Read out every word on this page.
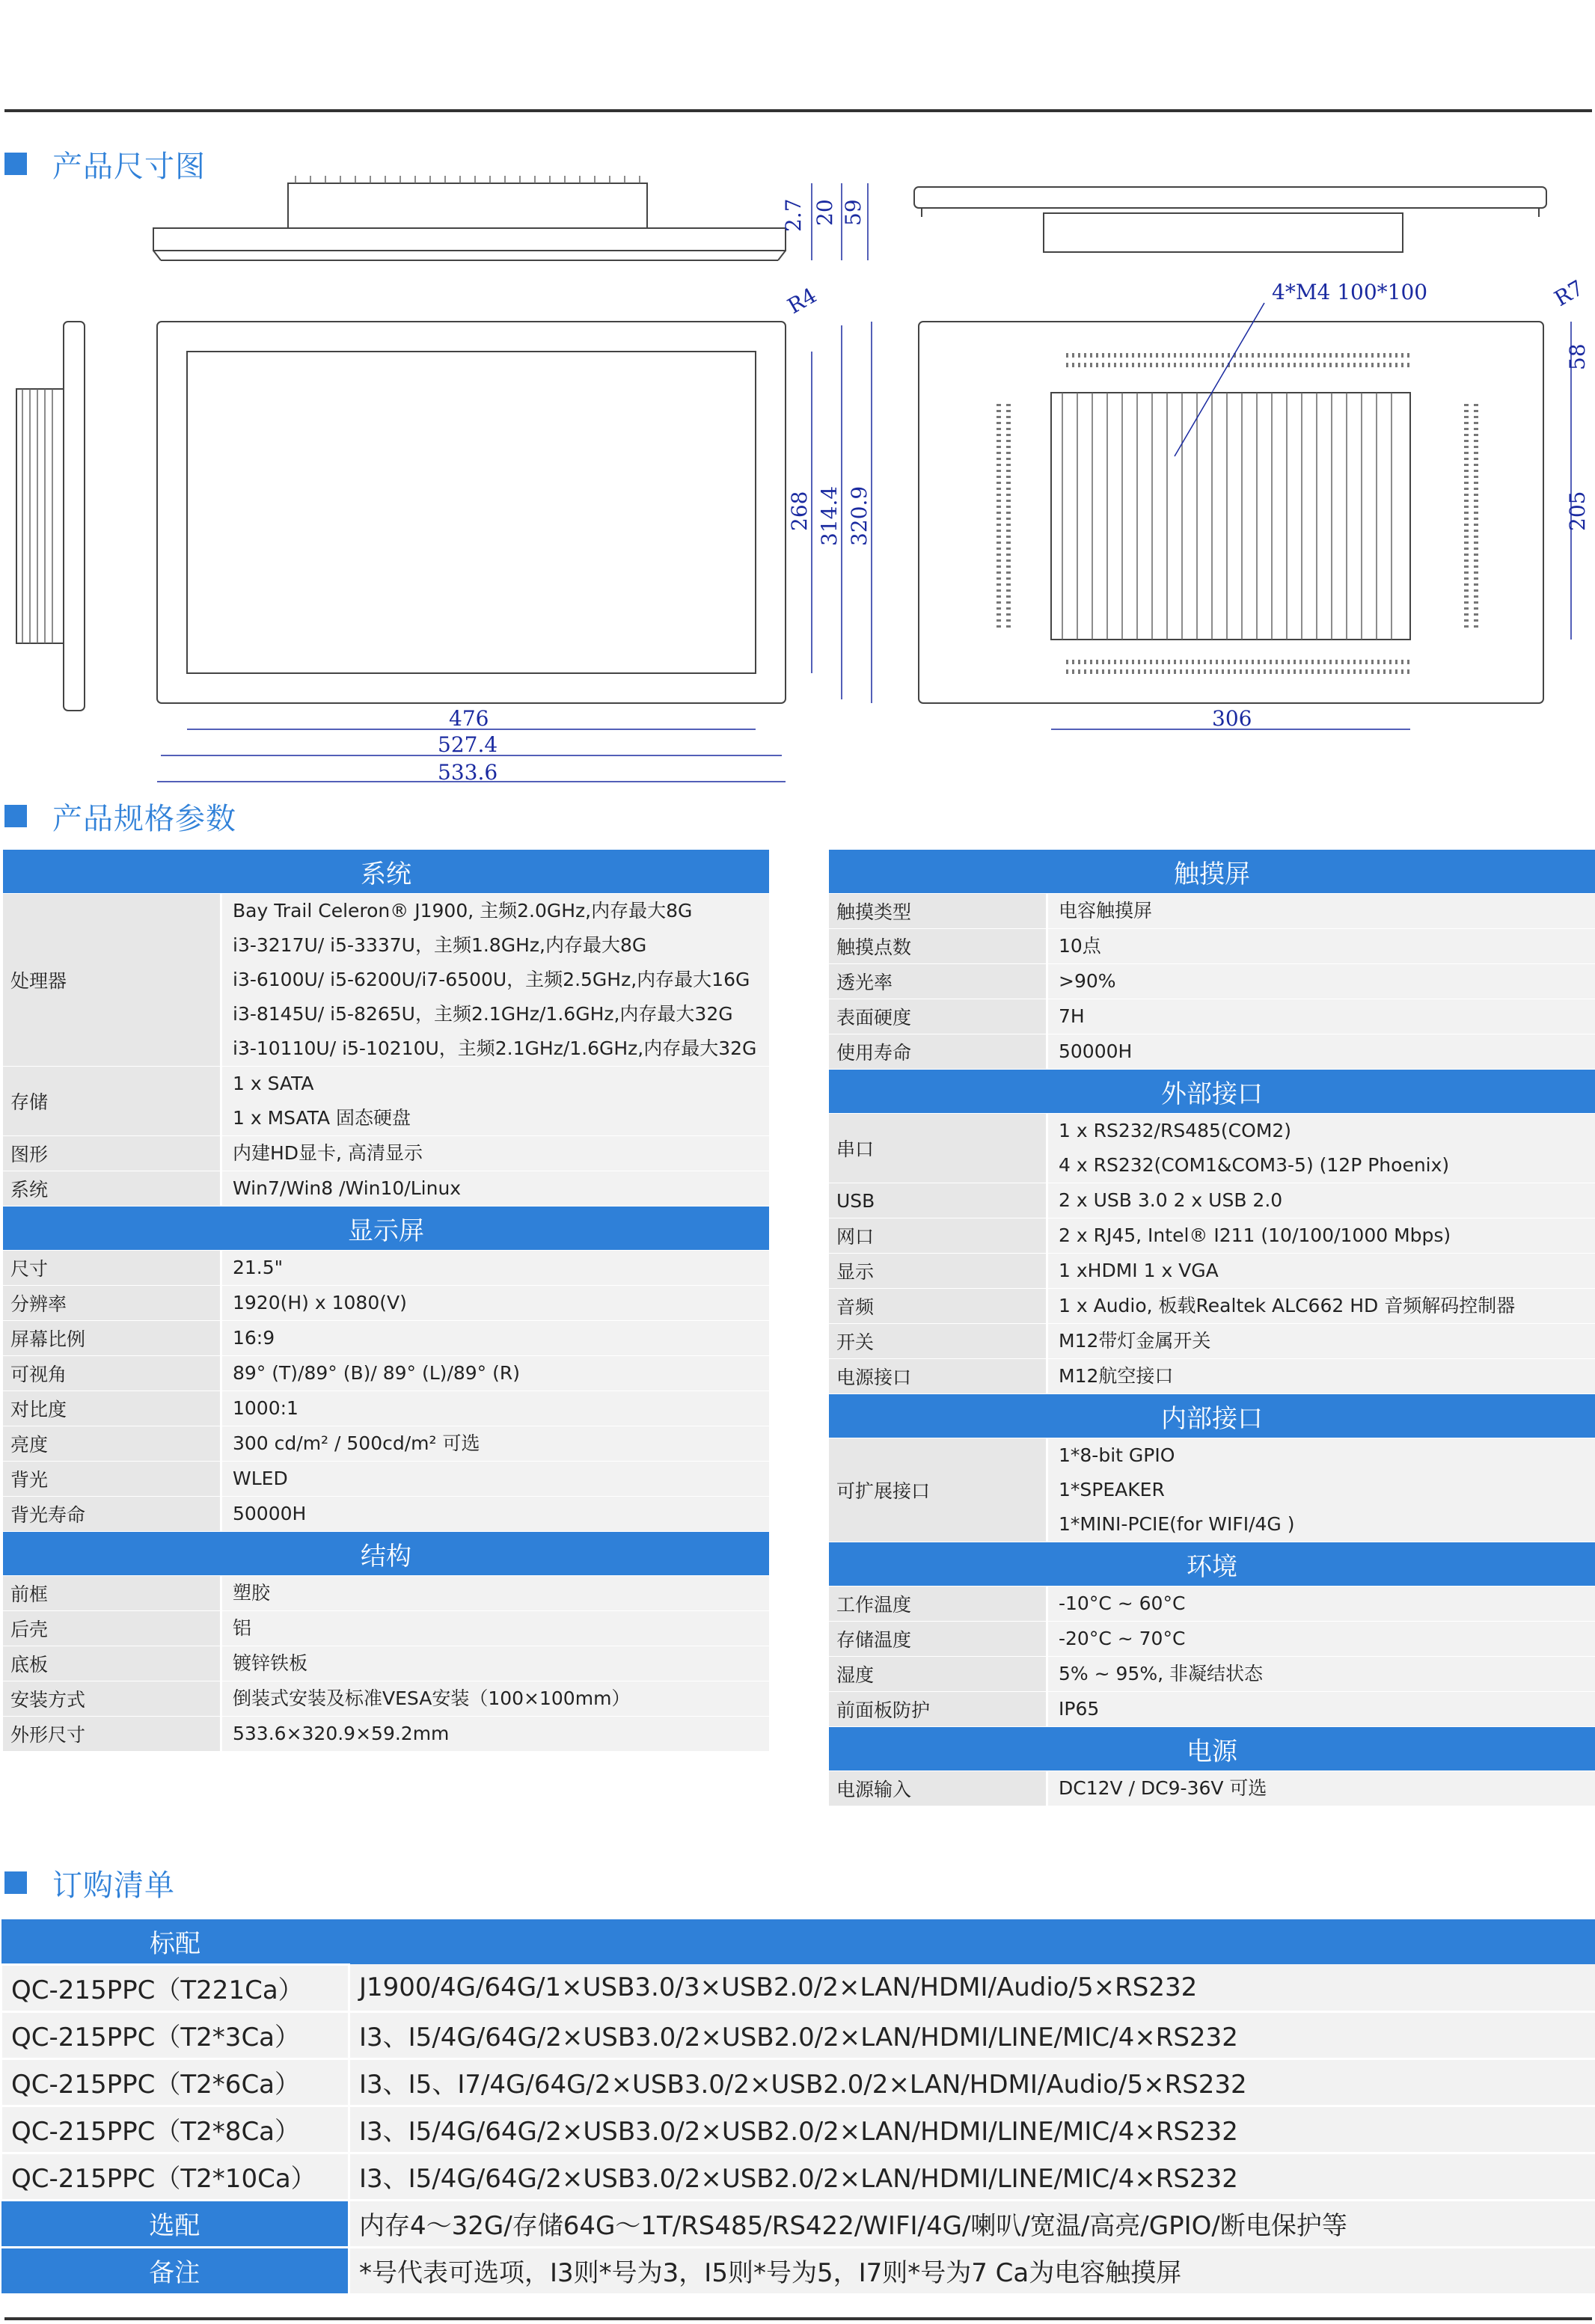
产品尺寸图
2.7 20 59
R4	R7
268 314.4 320.9
476
527.4
533.6
4*M4 100*100
58
205
306
产品规格参数
系统	
处理器	Bay Trail Celeron® J1900, 主频2.0GHz,内存最大8G
i3-3217U/ i5-3337U，主频1.8GHz,内存最大8G
i3-6100U/ i5-6200U/i7-6500U，主频2.5GHz,内存最大16G
i3-8145U/ i5-8265U，主频2.1GHz/1.6GHz,内存最大32G
i3-10110U/ i5-10210U，主频2.1GHz/1.6GHz,内存最大32G

存储	1 x SATA
1 x MSATA 固态硬盘

图形	内建HD显卡, 高清显示

系统	Win7/Win8 /Win10/Linux

显示屏	
尺寸	21.5"

分辨率	1920(H) x 1080(V)

屏幕比例	16:9

可视角	89° (T)/89° (B)/ 89° (L)/89° (R)

对比度	1000:1

亮度	300 cd/m² / 500cd/m² 可选

背光	WLED

背光寿命	50000H

结构	
前框	塑胶

后壳	铝

底板	镀锌铁板

安装方式	倒装式安装及标准VESA安装（100×100mm）

外形尺寸	533.6×320.9×59.2mm
触摸屏	
触摸类型	电容触摸屏

触摸点数	10点

透光率	>90%

表面硬度	7H

使用寿命	50000H

外部接口	
串口	1 x RS232/RS485(COM2)
4 x RS232(COM1&COM3-5) (12P Phoenix)

USB	2 x USB 3.0 2 x USB 2.0

网口	2 x RJ45, Intel® I211 (10/100/1000 Mbps)

显示	1 xHDMI 1 x VGA

音频	1 x Audio, 板载Realtek ALC662 HD 音频解码控制器

开关	M12带灯金属开关

电源接口	M12航空接口

内部接口	
可扩展接口	1*8-bit GPIO
1*SPEAKER
1*MINI-PCIE(for WIFI/4G )

环境	
工作温度	-10°C ~ 60°C

存储温度	-20°C ~ 70°C

湿度	5% ~ 95%, 非凝结状态

前面板防护	IP65

电源	
电源输入	DC12V / DC9-36V 可选
订购清单
标配	
QC-215PPC（T221Ca）	J1900/4G/64G/1×USB3.0/3×USB2.0/2×LAN/HDMI/Audio/5×RS232
QC-215PPC（T2*3Ca）	I3、I5/4G/64G/2×USB3.0/2×USB2.0/2×LAN/HDMI/LINE/MIC/4×RS232
QC-215PPC（T2*6Ca）	I3、I5、I7/4G/64G/2×USB3.0/2×USB2.0/2×LAN/HDMI/Audio/5×RS232
QC-215PPC（T2*8Ca）	I3、I5/4G/64G/2×USB3.0/2×USB2.0/2×LAN/HDMI/LINE/MIC/4×RS232
QC-215PPC（T2*10Ca）	I3、I5/4G/64G/2×USB3.0/2×USB2.0/2×LAN/HDMI/LINE/MIC/4×RS232
选配	内存4～32G/存储64G～1T/RS485/RS422/WIFI/4G/喇叭/宽温/高亮/GPIO/断电保护等
备注	*号代表可选项，I3则*号为3，I5则*号为5，I7则*号为7 Ca为电容触摸屏
